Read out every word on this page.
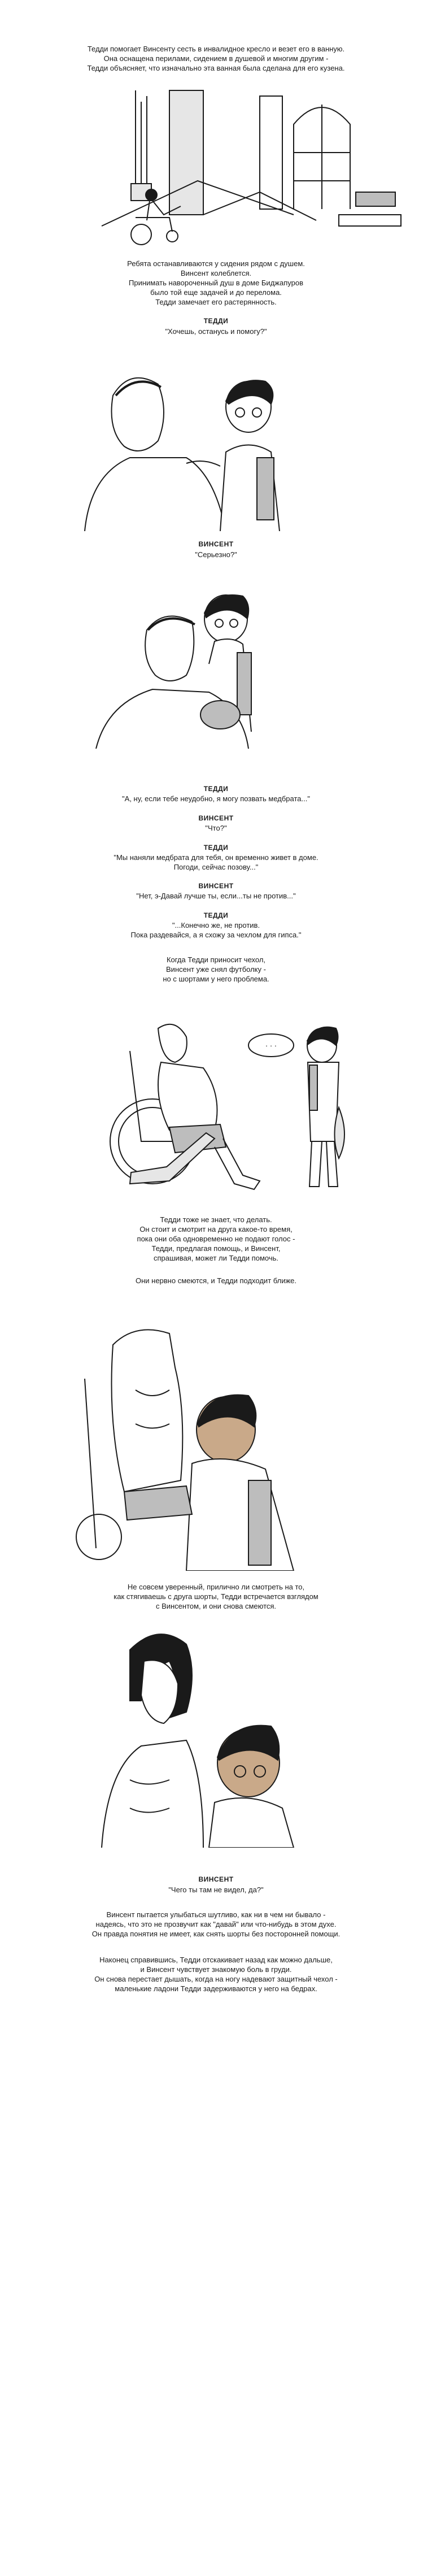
Тедди помогает Винсенту сесть в инвалидное кресло и везет его в ванную.
Она оснащена перилами, сидением в душевой и многим другим -
Тедди объясняет, что изначально эта ванная была сделана для его кузена.

Ребята останавливаются у сидения рядом с душем.
Винсент колеблется.
Принимать навороченный душ в доме Биджапуров
было той еще задачей и до перелома.
Тедди замечает его растерянность.

ТЕДДИ

"Хочешь, останусь и помогу?"

ВИНСЕНТ

"Серьезно?"

ТЕДДИ

"А, ну, если тебе неудобно, я могу позвать медбрата..."

ВИНСЕНТ

"Что?"

ТЕДДИ

"Мы наняли медбрата для тебя, он временно живет в доме.
Погоди, сейчас позову..."

ВИНСЕНТ

"Нет, э-Давай лучше ты, если...ты не против..."

ТЕДДИ

"...Конечно же, не против.
Пока раздевайся, а я схожу за чехлом для гипса."

Когда Тедди приносит чехол,
Винсент уже снял футболку -
но с шортами у него проблема.

· · ·

Тедди тоже не знает, что делать.
Он стоит и смотрит на друга какое-то время,
пока они оба одновременно не подают голос -
Тедди, предлагая помощь, и Винсент,
спрашивая, может ли Тедди помочь.

Они нервно смеются, и Тедди подходит ближе.

Не совсем уверенный, прилично ли смотреть на то,
как стягиваешь с друга шорты, Тедди встречается взглядом
с Винсентом, и они снова смеются.

ВИНСЕНТ

"Чего ты там не видел, да?"

Винсент пытается улыбаться шутливо, как ни в чем ни бывало -
надеясь, что это не прозвучит как "давай" или что-нибудь в этом духе.
Он правда понятия не имеет, как снять шорты без посторонней помощи.

Наконец справившись, Тедди отскакивает назад как можно дальше,
и Винсент чувствует знакомую боль в груди.
Он снова перестает дышать, когда на ногу надевают защитный чехол -
маленькие ладони Тедди задерживаются у него на бедрах.
